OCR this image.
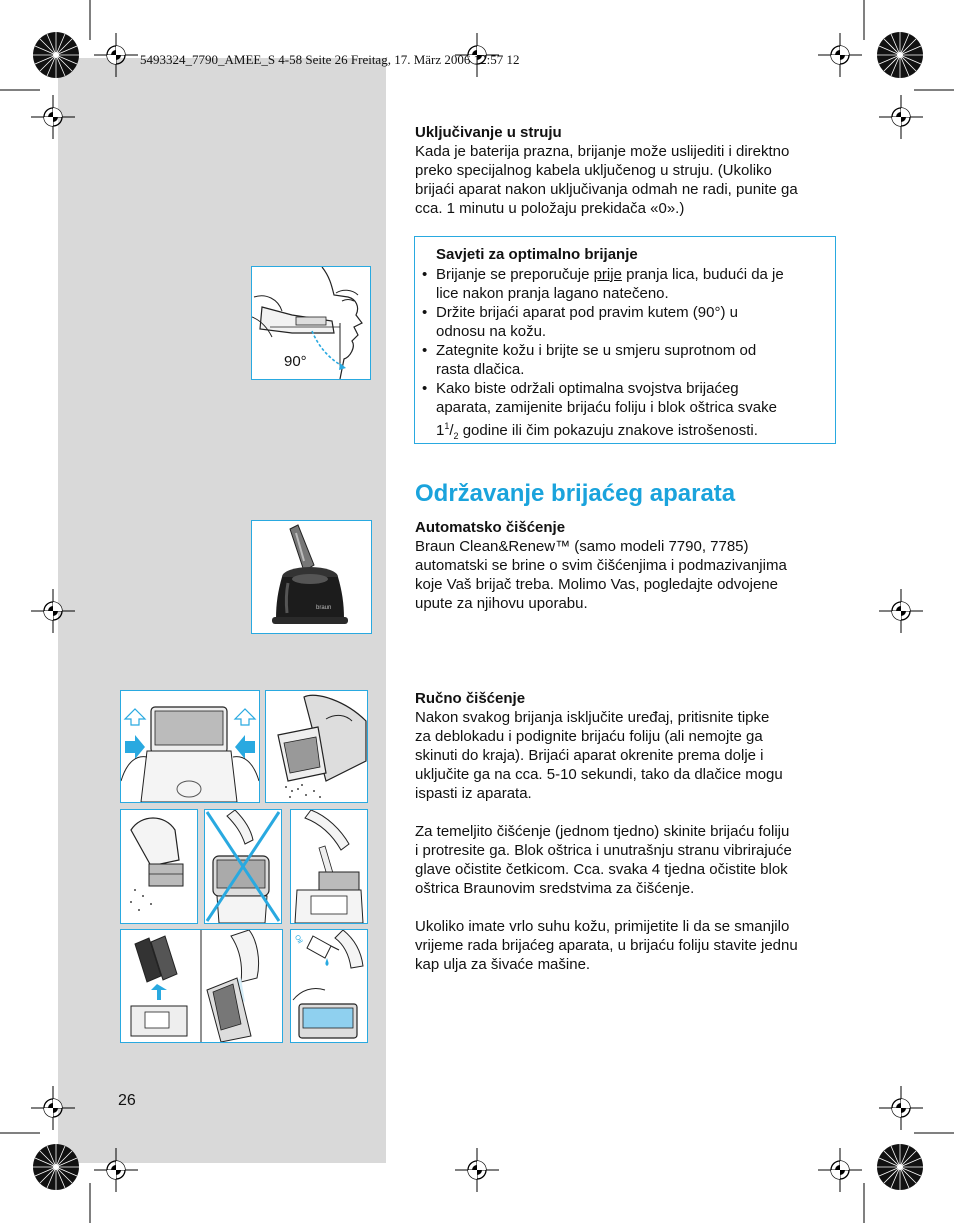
5493324_7790_AMEE_S 4-58 Seite 26 Freitag, 17. März 2006 12:57 12
Uključivanje u struju
Kada je baterija prazna, brijanje može uslijediti i direktno
preko specijalnog kabela uključenog u struju. (Ukoliko
brijaći aparat nakon uključivanja odmah ne radi, punite ga
cca. 1 minutu u položaju prekidača «0».)
Savjeti za optimalno brijanje
• Brijanje se preporučuje prije pranja lica, budući da je
lice nakon pranja lagano natečeno.
• Držite brijaći aparat pod pravim kutem (90°) u
odnosu na kožu.
• Zategnite kožu i brijte se u smjeru suprotnom od
rasta dlačica.
• Kako biste održali optimalna svojstva brijaćeg
aparata, zamijenite brijaću foliju i blok oštrica svake
$1^1/_2$ godine ili čim pokazuju znakove istrošenosti.
90°
Održavanje brijaćeg aparata
Automatsko čišćenje
Braun Clean&Renew™ (samo modeli 7790, 7785)
automatski se brine o svim čišćenjima i podmazivanjima
koje Vaš brijač treba. Molimo Vas, pogledajte odvojene
upute za njihovu uporabu.
braun
Ručno čišćenje
Nakon svakog brijanja isključite uređaj, pritisnite tipke
za deblokadu i podignite brijaću foliju (ali nemojte ga
skinuti do kraja). Brijaći aparat okrenite prema dolje i
uključite ga na cca. 5-10 sekundi, tako da dlačice mogu
ispasti iz aparata.
Za temeljito čišćenje (jednom tjedno) skinite brijaću foliju
i protresite ga. Blok oštrica i unutrašnju stranu vibrirajuće
glave očistite četkicom. Cca. svaka 4 tjedna očistite blok
oštrica Braunovim sredstvima za čišćenje.
Ukoliko imate vrlo suhu kožu, primijetite li da se smanjilo
vrijeme rada brijaćeg aparata, u brijaću foliju stavite jednu
kap ulja za šivaće mašine.
Oil
26
